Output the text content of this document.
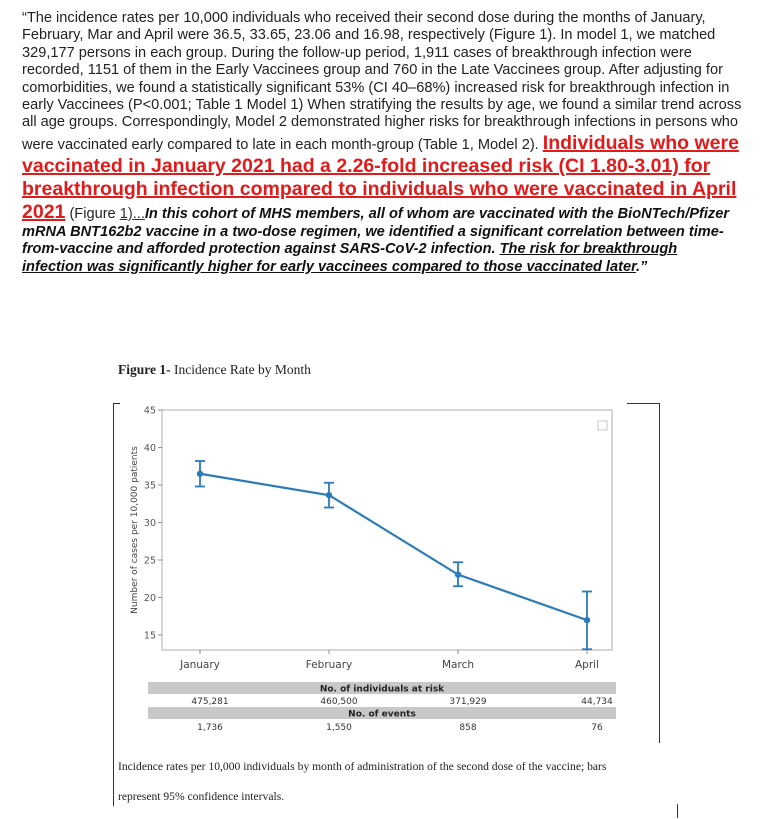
“The incidence rates per 10,000 individuals who received their second dose during the months of January, February, Mar and April were 36.5, 33.65, 23.06 and 16.98, respectively (Figure 1). In model 1, we matched 329,177 persons in each group. During the follow-up period, 1,911 cases of breakthrough infection were recorded, 1151 of them in the Early Vaccinees group and 760 in the Late Vaccinees group. After adjusting for comorbidities, we found a statistically significant 53% (CI 40–68%) increased risk for breakthrough infection in early Vaccinees (P<0.001; Table 1 Model 1) When stratifying the results by age, we found a similar trend across all age groups. Correspondingly, Model 2 demonstrated higher risks for breakthrough infections in persons who were vaccinated early compared to late in each month-group (Table 1, Model 2). Individuals who were vaccinated in January 2021 had a 2.26-fold increased risk (CI 1.80-3.01) for breakthrough infection compared to individuals who were vaccinated in April 2021 (Figure 1)...In this cohort of MHS members, all of whom are vaccinated with the BioNTech/Pfizer mRNA BNT162b2 vaccine in a two-dose regimen, we identified a significant correlation between time-from-vaccine and afforded protection against SARS-CoV-2 infection. The risk for breakthrough infection was significantly higher for early vaccinees compared to those vaccinated later.”
Figure 1- Incidence Rate by Month
15
20
25
30
35
40
45
Number of cases per 10,000 patients
January	February	March	April
No. of individuals at risk
475,281	460,500	371,929	44,734
No. of events
1,736	1,550	858	76
Incidence rates per 10,000 individuals by month of administration of the second dose of the vaccine; bars represent 95% confidence intervals.
